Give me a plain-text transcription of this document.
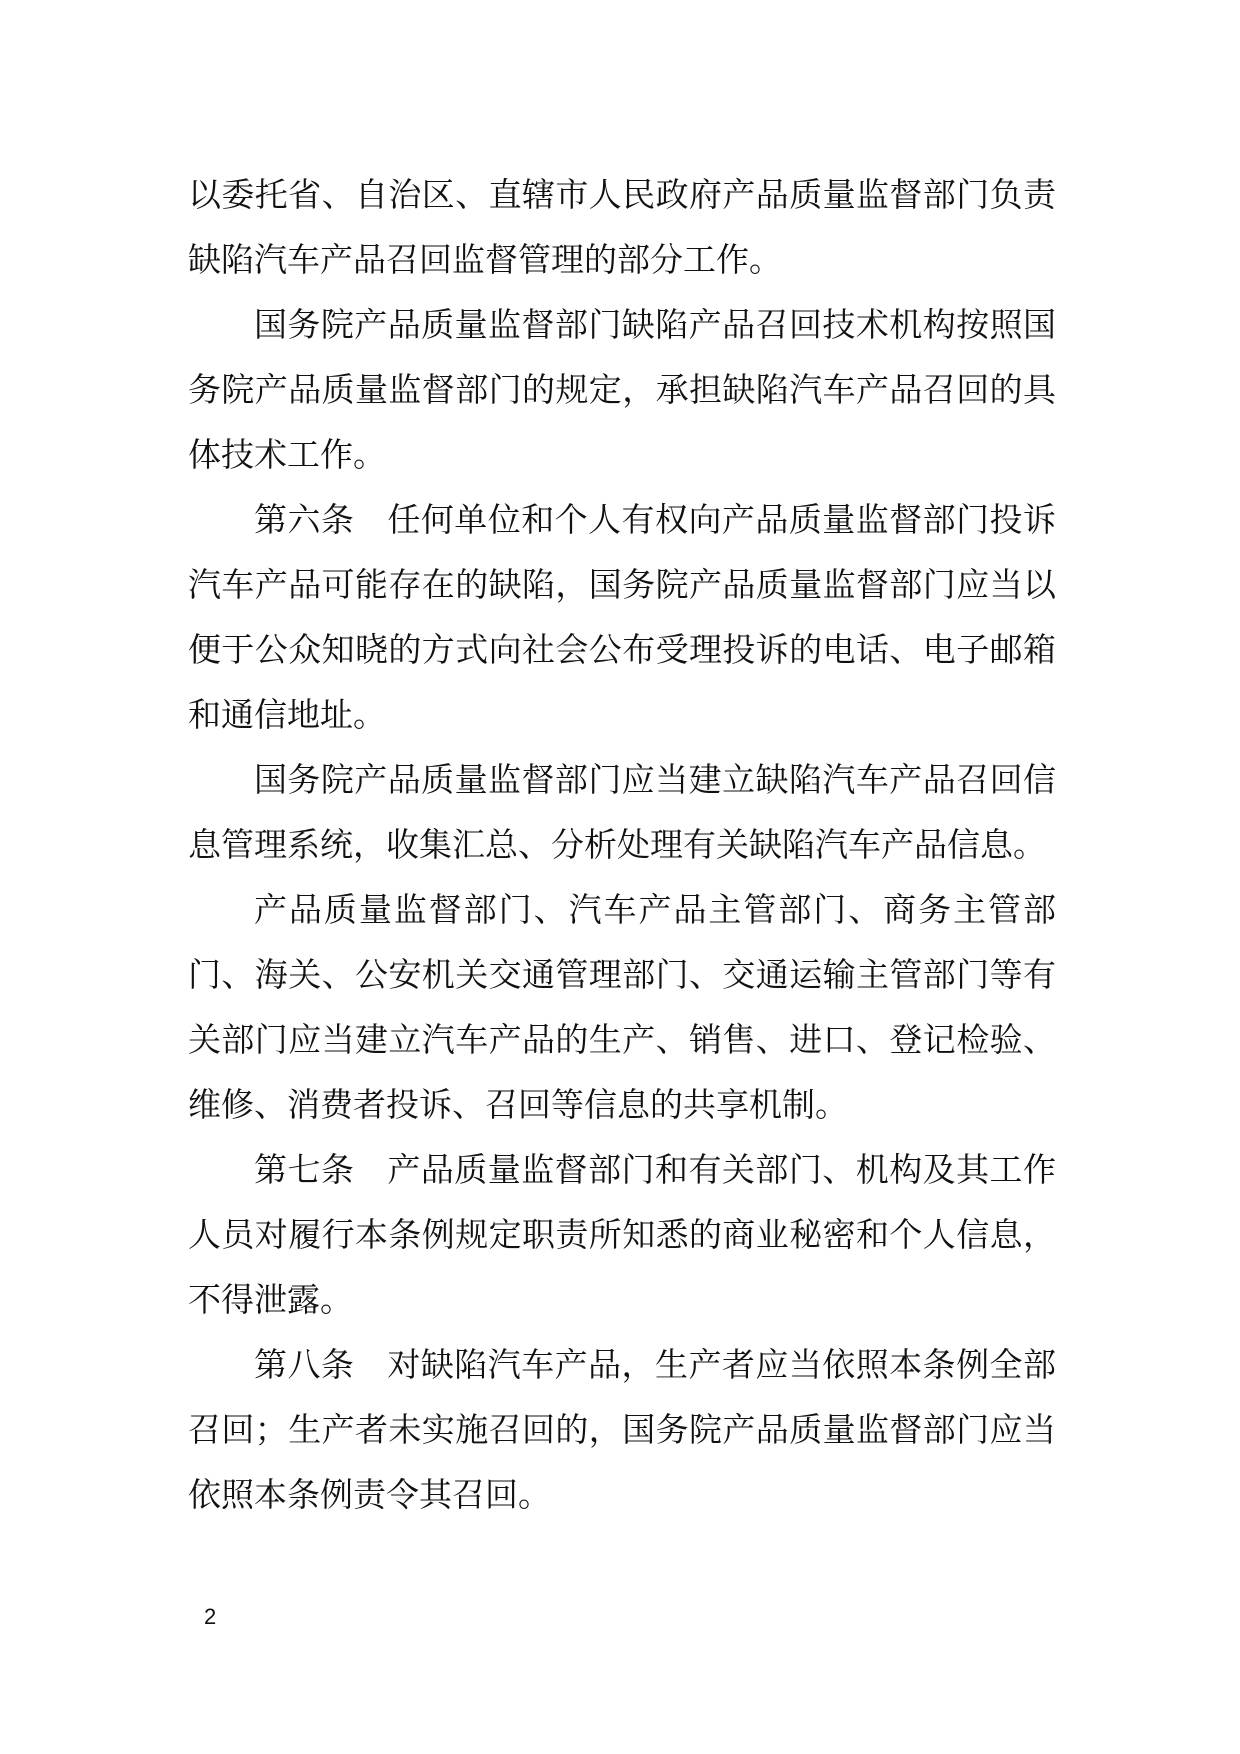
以委托省、自治区、直辖市人民政府产品质量监督部门负责缺陷汽车产品召回监督管理的部分工作。

国务院产品质量监督部门缺陷产品召回技术机构按照国务院产品质量监督部门的规定，承担缺陷汽车产品召回的具体技术工作。

第六条 任何单位和个人有权向产品质量监督部门投诉汽车产品可能存在的缺陷，国务院产品质量监督部门应当以便于公众知晓的方式向社会公布受理投诉的电话、电子邮箱和通信地址。

国务院产品质量监督部门应当建立缺陷汽车产品召回信息管理系统，收集汇总、分析处理有关缺陷汽车产品信息。

产品质量监督部门、汽车产品主管部门、商务主管部门、海关、公安机关交通管理部门、交通运输主管部门等有关部门应当建立汽车产品的生产、销售、进口、登记检验、维修、消费者投诉、召回等信息的共享机制。

第七条 产品质量监督部门和有关部门、机构及其工作人员对履行本条例规定职责所知悉的商业秘密和个人信息，不得泄露。

第八条 对缺陷汽车产品，生产者应当依照本条例全部召回；生产者未实施召回的，国务院产品质量监督部门应当依照本条例责令其召回。

2
